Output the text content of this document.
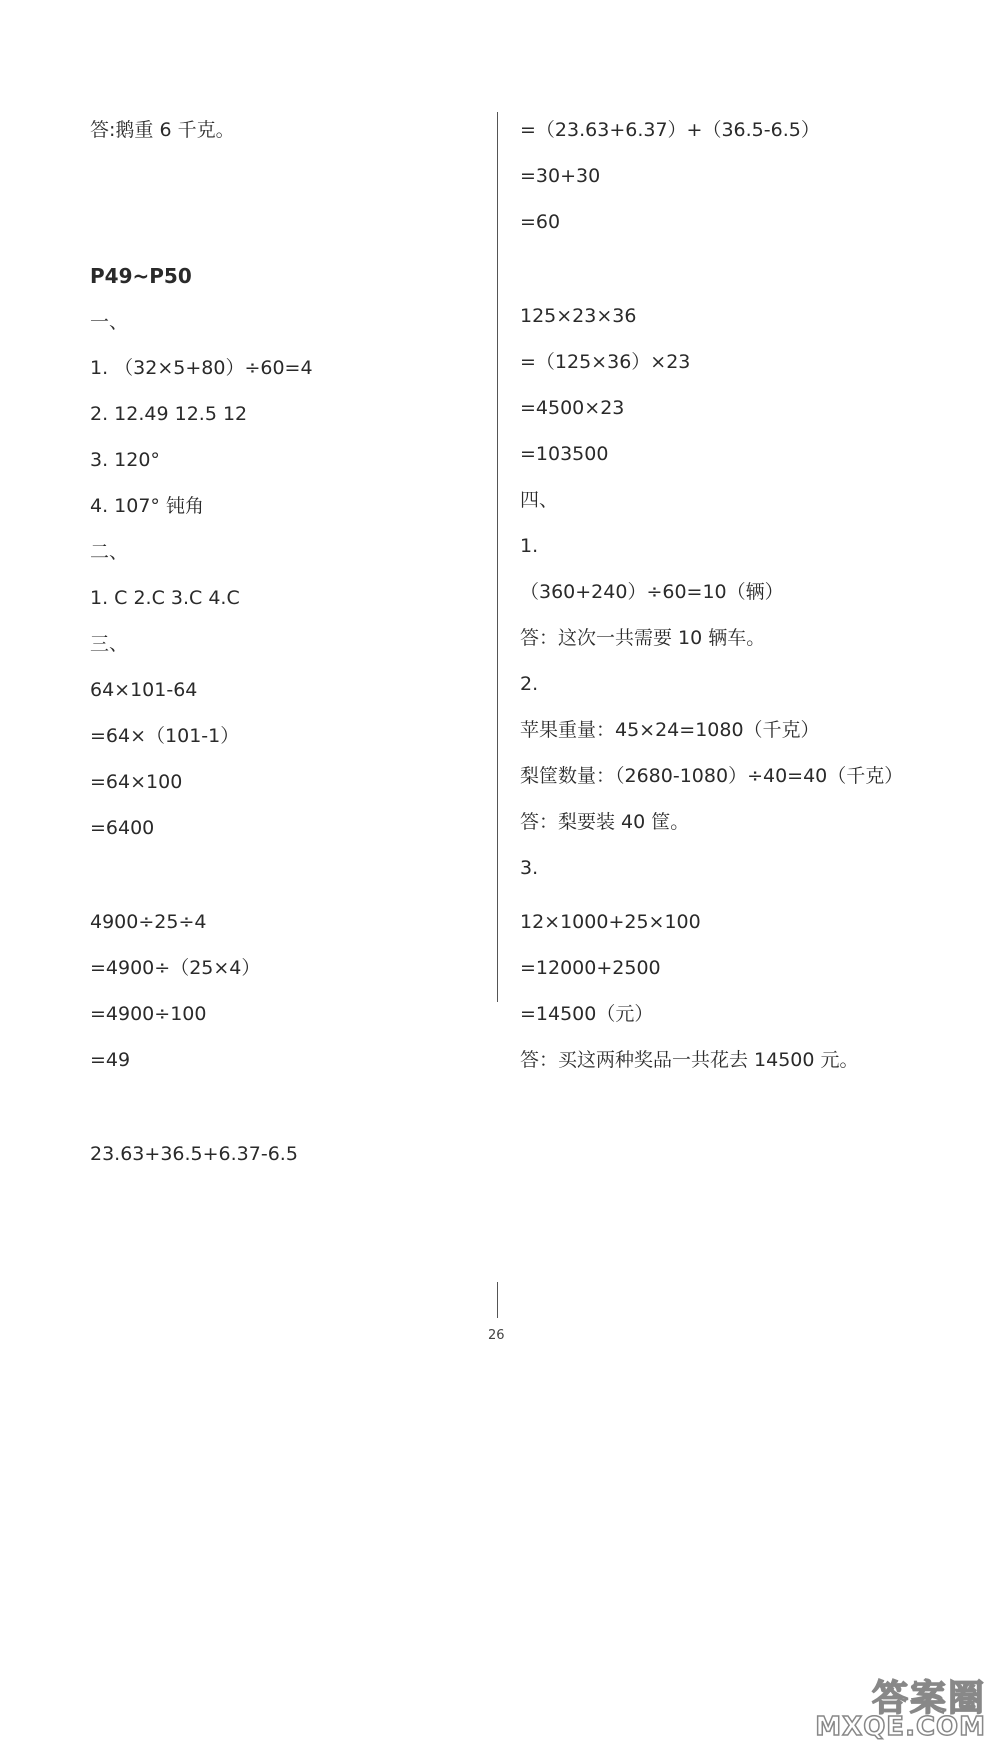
答:鹅重 6 千克。
P49~P50
一、
1. （32×5+80）÷60=4
2. 12.49 12.5 12
3. 120°
4. 107° 钝角
二、
1. C 2.C 3.C 4.C
三、
64×101-64
=64×（101-1）
=64×100
=6400
4900÷25÷4
=4900÷（25×4）
=4900÷100
=49
23.63+36.5+6.37-6.5
=（23.63+6.37）+（36.5-6.5）
=30+30
=60
125×23×36
=（125×36）×23
=4500×23
=103500
四、
1.
（360+240）÷60=10（辆）
答：这次一共需要 10 辆车。
2.
苹果重量：45×24=1080（千克）
梨筐数量：（2680-1080）÷40=40（千克）
答：梨要装 40 筐。
3.
12×1000+25×100
=12000+2500
=14500（元）
答：买这两种奖品一共花去 14500 元。
26
答案圈
MXQE.COM
